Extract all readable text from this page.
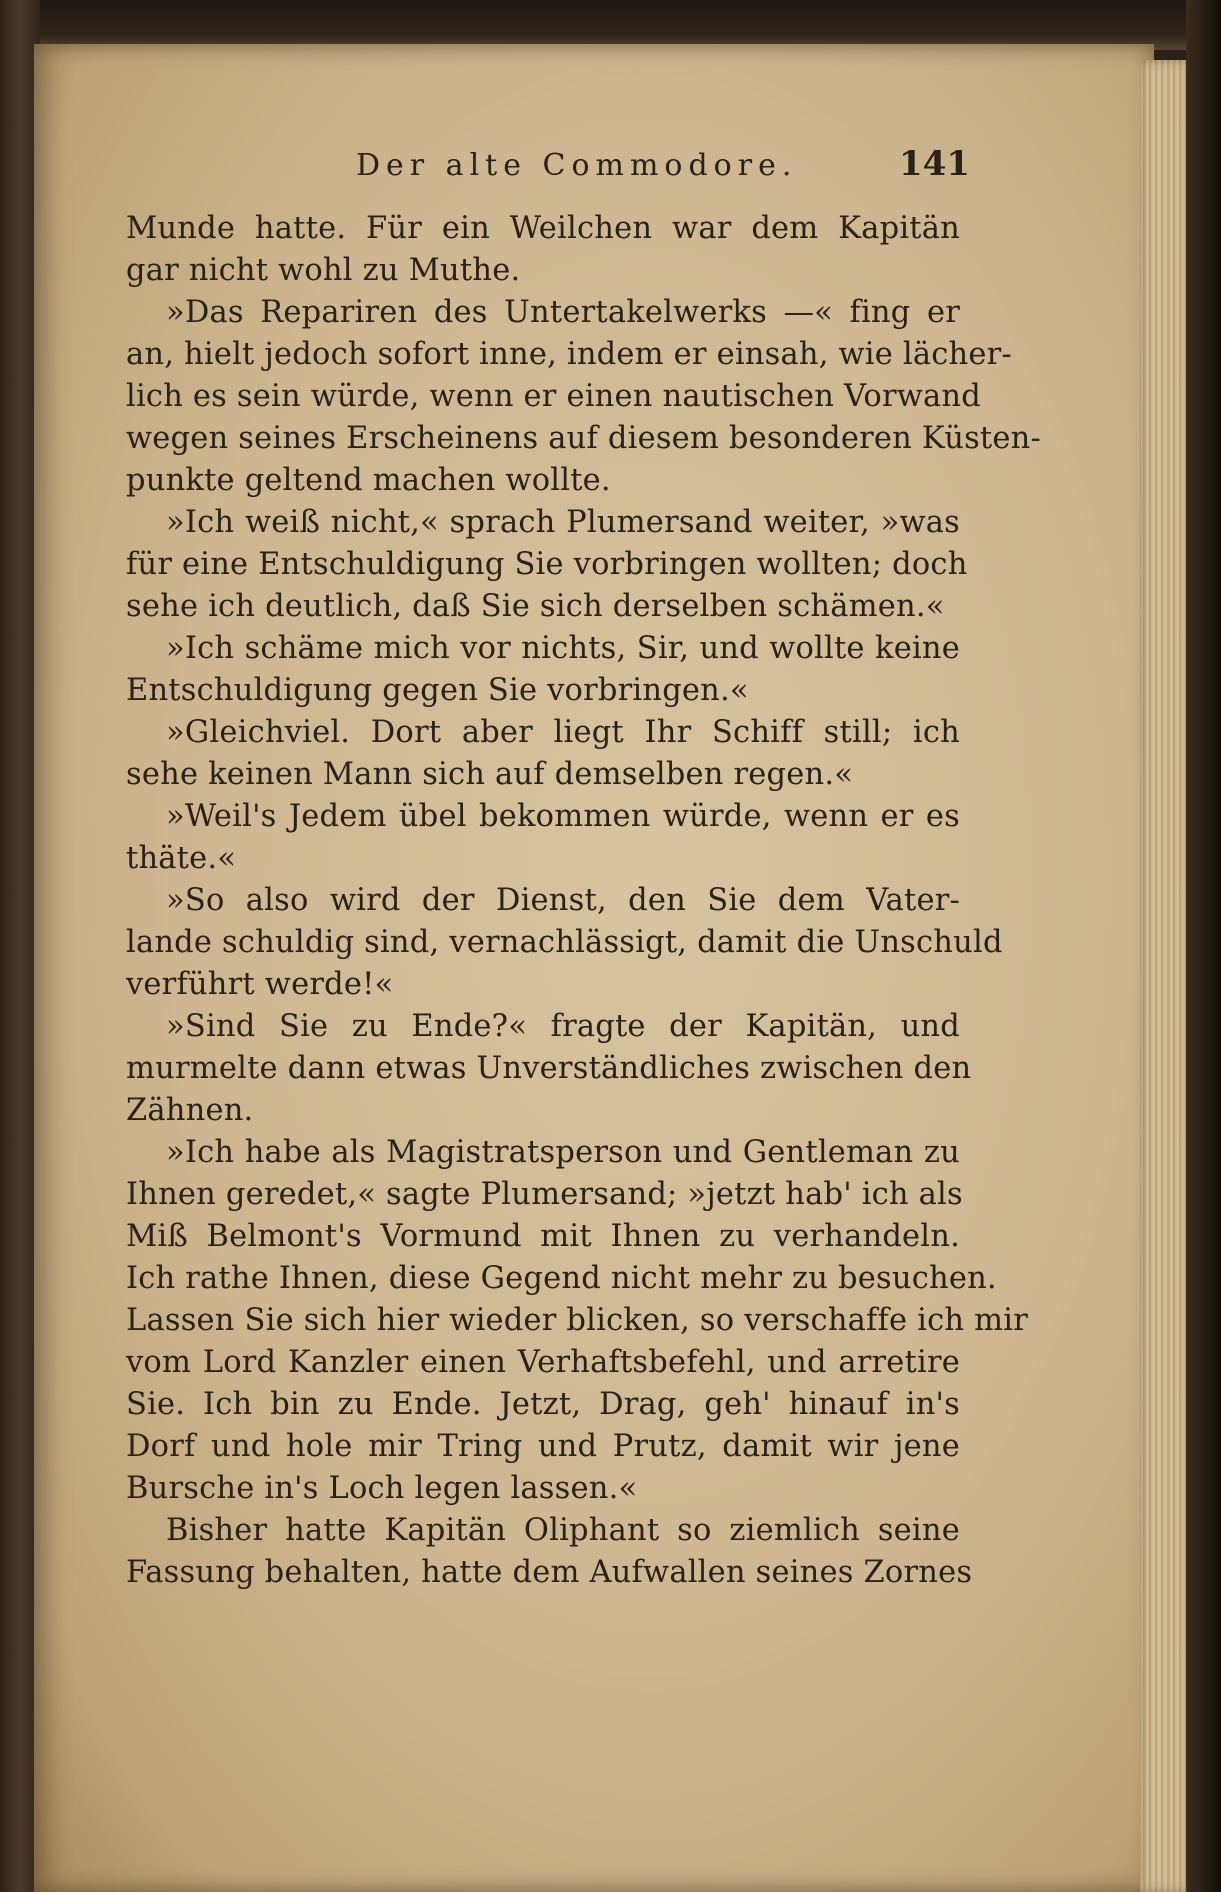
Der alte Commodore.	141
Munde hatte. Für ein Weilchen war dem Kapitän
gar nicht wohl zu Muthe.
»Das Repariren des Untertakelwerks —« fing er
an, hielt jedoch sofort inne, indem er einsah, wie lächer-
lich es sein würde, wenn er einen nautischen Vorwand
wegen seines Erscheinens auf diesem besonderen Küsten-
punkte geltend machen wollte.
»Ich weiß nicht,« sprach Plumersand weiter, »was
für eine Entschuldigung Sie vorbringen wollten; doch
sehe ich deutlich, daß Sie sich derselben schämen.«
»Ich schäme mich vor nichts, Sir, und wollte keine
Entschuldigung gegen Sie vorbringen.«
»Gleichviel. Dort aber liegt Ihr Schiff still; ich
sehe keinen Mann sich auf demselben regen.«
»Weil's Jedem übel bekommen würde, wenn er es
thäte.«
»So also wird der Dienst, den Sie dem Vater-
lande schuldig sind, vernachlässigt, damit die Unschuld
verführt werde!«
»Sind Sie zu Ende?« fragte der Kapitän, und
murmelte dann etwas Unverständliches zwischen den
Zähnen.
»Ich habe als Magistratsperson und Gentleman zu
Ihnen geredet,« sagte Plumersand; »jetzt hab' ich als
Miß Belmont's Vormund mit Ihnen zu verhandeln.
Ich rathe Ihnen, diese Gegend nicht mehr zu besuchen.
Lassen Sie sich hier wieder blicken, so verschaffe ich mir
vom Lord Kanzler einen Verhaftsbefehl, und arretire
Sie. Ich bin zu Ende. Jetzt, Drag, geh' hinauf in's
Dorf und hole mir Tring und Prutz, damit wir jene
Bursche in's Loch legen lassen.«
Bisher hatte Kapitän Oliphant so ziemlich seine
Fassung behalten, hatte dem Aufwallen seines Zornes
